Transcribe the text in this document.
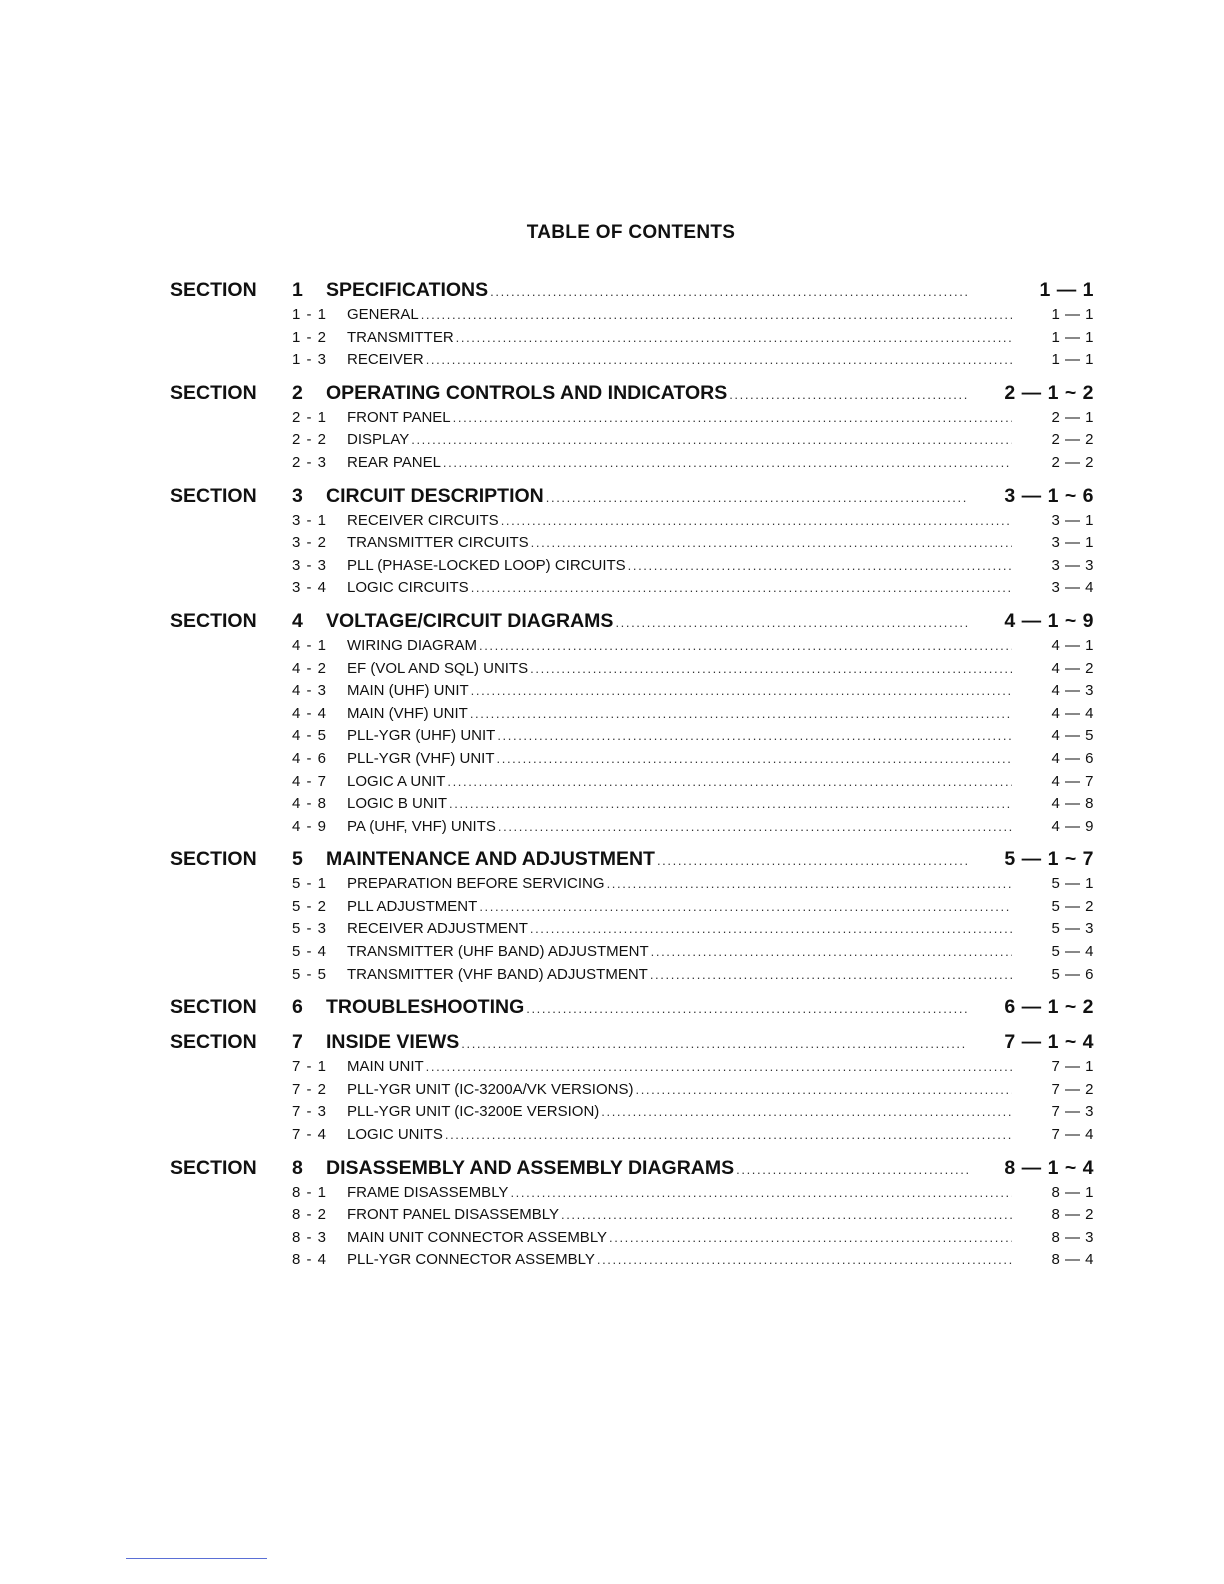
TABLE OF CONTENTS
SECTION	1	SPECIFICATIONS .....	1 — 1
1 - 1	GENERAL .....	1 — 1
1 - 2	TRANSMITTER .....	1 — 1
1 - 3	RECEIVER .....	1 — 1
SECTION	2	OPERATING CONTROLS AND INDICATORS .....	2 — 1 ~ 2
2 - 1	FRONT PANEL .....	2 — 1
2 - 2	DISPLAY .....	2 — 2
2 - 3	REAR PANEL .....	2 — 2
SECTION	3	CIRCUIT DESCRIPTION .....	3 — 1 ~ 6
3 - 1	RECEIVER CIRCUITS .....	3 — 1
3 - 2	TRANSMITTER CIRCUITS .....	3 — 1
3 - 3	PLL (PHASE-LOCKED LOOP) CIRCUITS .....	3 — 3
3 - 4	LOGIC CIRCUITS .....	3 — 4
SECTION	4	VOLTAGE/CIRCUIT DIAGRAMS .....	4 — 1 ~ 9
4 - 1	WIRING DIAGRAM .....	4 — 1
4 - 2	EF (VOL AND SQL) UNITS .....	4 — 2
4 - 3	MAIN (UHF) UNIT .....	4 — 3
4 - 4	MAIN (VHF) UNIT .....	4 — 4
4 - 5	PLL-YGR (UHF) UNIT .....	4 — 5
4 - 6	PLL-YGR (VHF) UNIT .....	4 — 6
4 - 7	LOGIC A UNIT .....	4 — 7
4 - 8	LOGIC B UNIT .....	4 — 8
4 - 9	PA (UHF, VHF) UNITS .....	4 — 9
SECTION	5	MAINTENANCE AND ADJUSTMENT .....	5 — 1 ~ 7
5 - 1	PREPARATION BEFORE SERVICING .....	5 — 1
5 - 2	PLL ADJUSTMENT .....	5 — 2
5 - 3	RECEIVER ADJUSTMENT .....	5 — 3
5 - 4	TRANSMITTER (UHF BAND) ADJUSTMENT .....	5 — 4
5 - 5	TRANSMITTER (VHF BAND) ADJUSTMENT .....	5 — 6
SECTION	6	TROUBLESHOOTING .....	6 — 1 ~ 2
SECTION	7	INSIDE VIEWS .....	7 — 1 ~ 4
7 - 1	MAIN UNIT .....	7 — 1
7 - 2	PLL-YGR UNIT (IC-3200A/VK VERSIONS) .....	7 — 2
7 - 3	PLL-YGR UNIT (IC-3200E VERSION) .....	7 — 3
7 - 4	LOGIC UNITS .....	7 — 4
SECTION	8	DISASSEMBLY AND ASSEMBLY DIAGRAMS .....	8 — 1 ~ 4
8 - 1	FRAME DISASSEMBLY .....	8 — 1
8 - 2	FRONT PANEL DISASSEMBLY .....	8 — 2
8 - 3	MAIN UNIT CONNECTOR ASSEMBLY .....	8 — 3
8 - 4	PLL-YGR CONNECTOR ASSEMBLY .....	8 — 4
